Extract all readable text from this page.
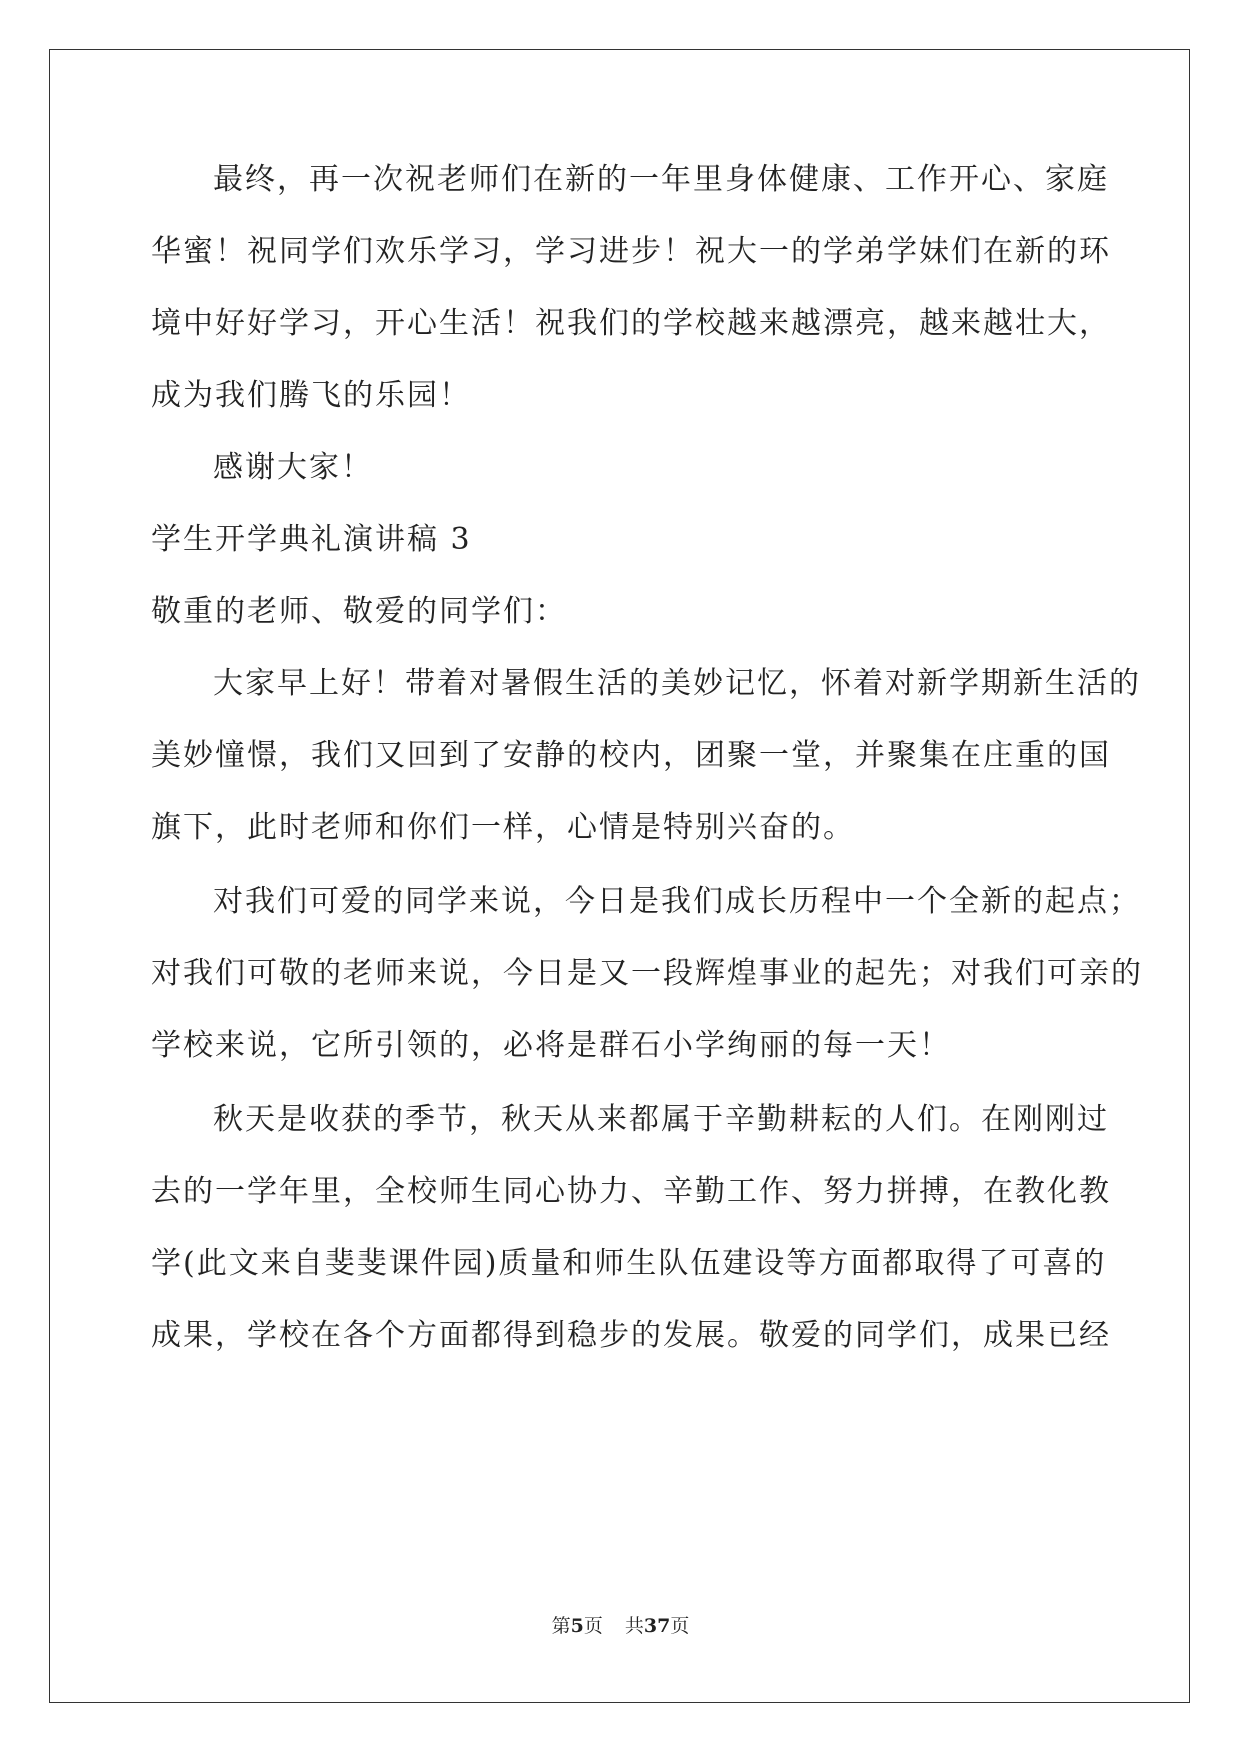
最终，再一次祝老师们在新的一年里身体健康、工作开心、家庭
华蜜！祝同学们欢乐学习，学习进步！祝大一的学弟学妹们在新的环
境中好好学习，开心生活！祝我们的学校越来越漂亮，越来越壮大，
成为我们腾飞的乐园！
感谢大家！
学生开学典礼演讲稿 3
敬重的老师、敬爱的同学们：
大家早上好！带着对暑假生活的美妙记忆，怀着对新学期新生活的
美妙憧憬，我们又回到了安静的校内，团聚一堂，并聚集在庄重的国
旗下，此时老师和你们一样，心情是特别兴奋的。
对我们可爱的同学来说，今日是我们成长历程中一个全新的起点；
对我们可敬的老师来说，今日是又一段辉煌事业的起先；对我们可亲的
学校来说，它所引领的，必将是群石小学绚丽的每一天！
秋天是收获的季节，秋天从来都属于辛勤耕耘的人们。在刚刚过
去的一学年里，全校师生同心协力、辛勤工作、努力拼搏，在教化教
学(此文来自斐斐课件园)质量和师生队伍建设等方面都取得了可喜的
成果，学校在各个方面都得到稳步的发展。敬爱的同学们，成果已经
第5页 共37页
